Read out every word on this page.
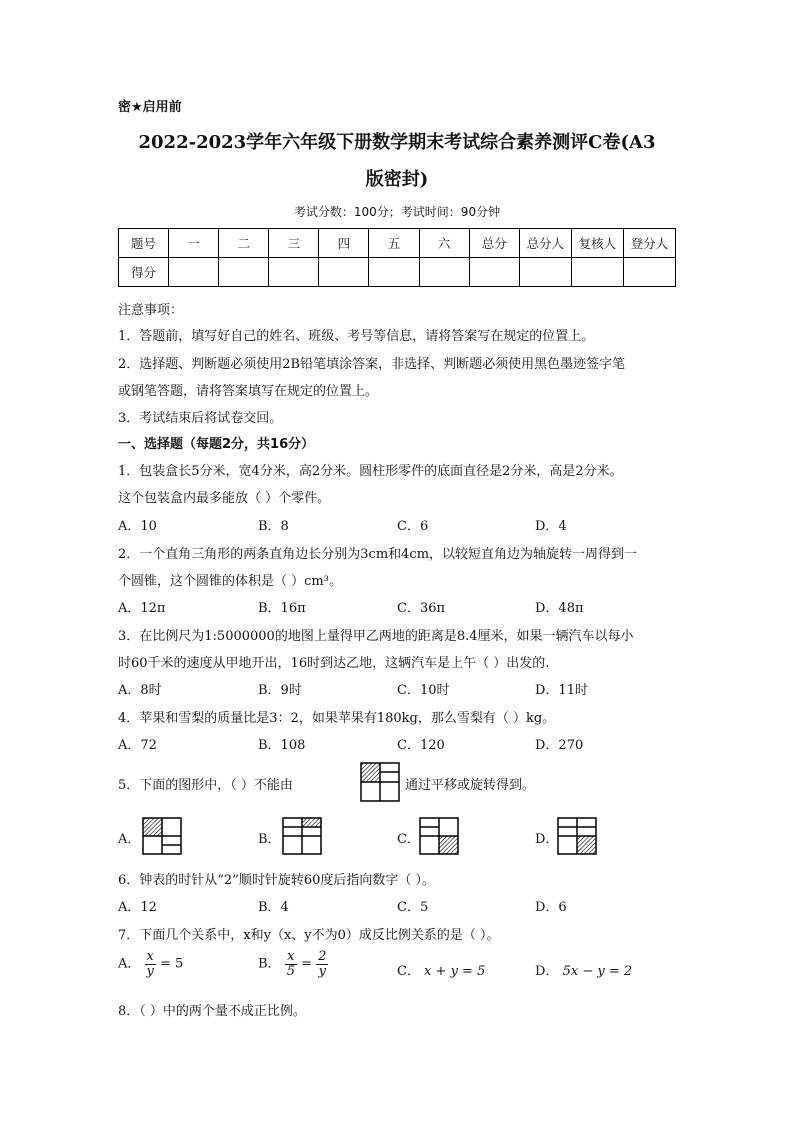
密★启用前
2022-2023学年六年级下册数学期末考试综合素养测评C卷(A3
版密封)
考试分数：100分；考试时间：90分钟
题号	一	二	三	四	五	六	总分	总分人	复核人	登分人
得分										
注意事项：
1．答题前，填写好自己的姓名、班级、考号等信息，请将答案写在规定的位置上。
2．选择题、判断题必须使用2B铅笔填涂答案，非选择、判断题必须使用黑色墨迹签字笔
或钢笔答题，请将答案填写在规定的位置上。
3．考试结束后将试卷交回。
一、选择题（每题2分，共16分）
1．包装盒长5分米，宽4分米，高2分米。圆柱形零件的底面直径是2分米，高是2分米。
这个包装盒内最多能放（ ）个零件。
A．10	B．8	C．6	D．4
2．一个直角三角形的两条直角边长分别为3cm和4cm，以较短直角边为轴旋转一周得到一
个圆锥，这个圆锥的体积是（ ）cm³。
A．12π	B．16π	C．36π	D．48π
3．在比例尺为1:5000000的地图上量得甲乙两地的距离是8.4厘米，如果一辆汽车以每小
时60千米的速度从甲地开出，16时到达乙地，这辆汽车是上午（ ）出发的.
A．8时	B．9时	C．10时	D．11时
4．苹果和雪梨的质量比是3：2，如果苹果有180kg，那么雪梨有（ ）kg。
A．72	B．108	C．120	D．270
5．下面的图形中，（ ）不能由	通过平移或旋转得到。
A．	B．	C．	D．
6．钟表的时针从“2”顺时针旋转60度后指向数字（ ）。
A．12	B．4	C．5	D．6
7．下面几个关系中，x和y（x、y不为0）成反比例关系的是（ ）。
A． $\frac{x}{y} = 5$	B． $\frac{x}{5} = \frac{2}{y}$	C． x + y = 5	D． 5x − y = 2
8．（ ）中的两个量不成正比例。
